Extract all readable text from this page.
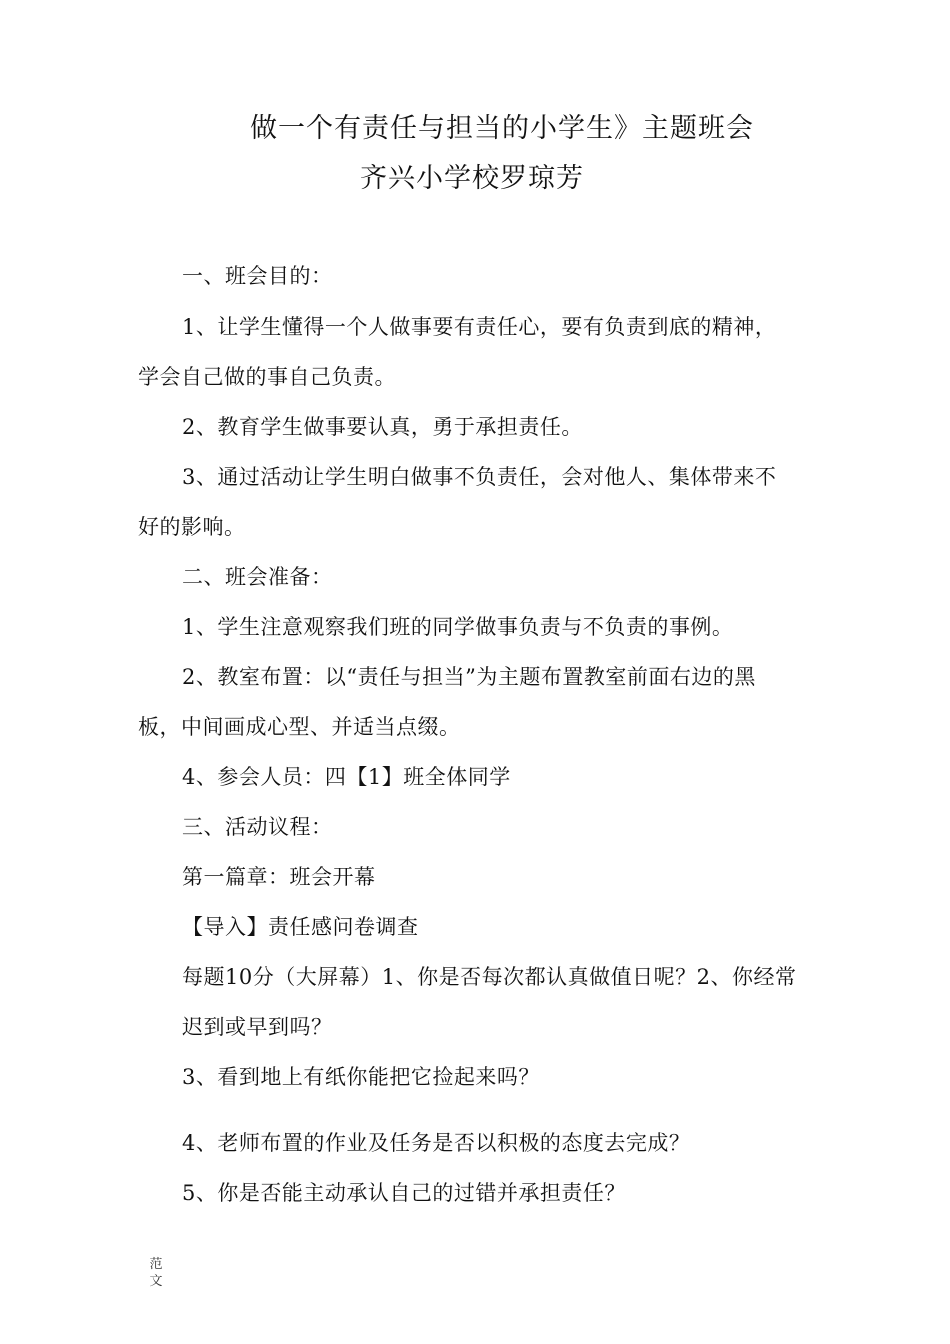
做一个有责任与担当的小学生》主题班会
齐兴小学校罗琼芳
一、班会目的：
1、让学生懂得一个人做事要有责任心，要有负责到底的精神，
学会自己做的事自己负责。
2、教育学生做事要认真，勇于承担责任。
3、通过活动让学生明白做事不负责任，会对他人、集体带来不
好的影响。
二、班会准备：
1、学生注意观察我们班的同学做事负责与不负责的事例。
2、教室布置：以“责任与担当”为主题布置教室前面右边的黑
板，中间画成心型、并适当点缀。
4、参会人员：四【1】班全体同学
三、活动议程：
第一篇章：班会开幕
【导入】责任感问卷调查
每题10分（大屏幕）1、你是否每次都认真做值日呢？2、你经常
迟到或早到吗？
3、看到地上有纸你能把它捡起来吗？
4、老师布置的作业及任务是否以积极的态度去完成？
5、你是否能主动承认自己的过错并承担责任？
范文
